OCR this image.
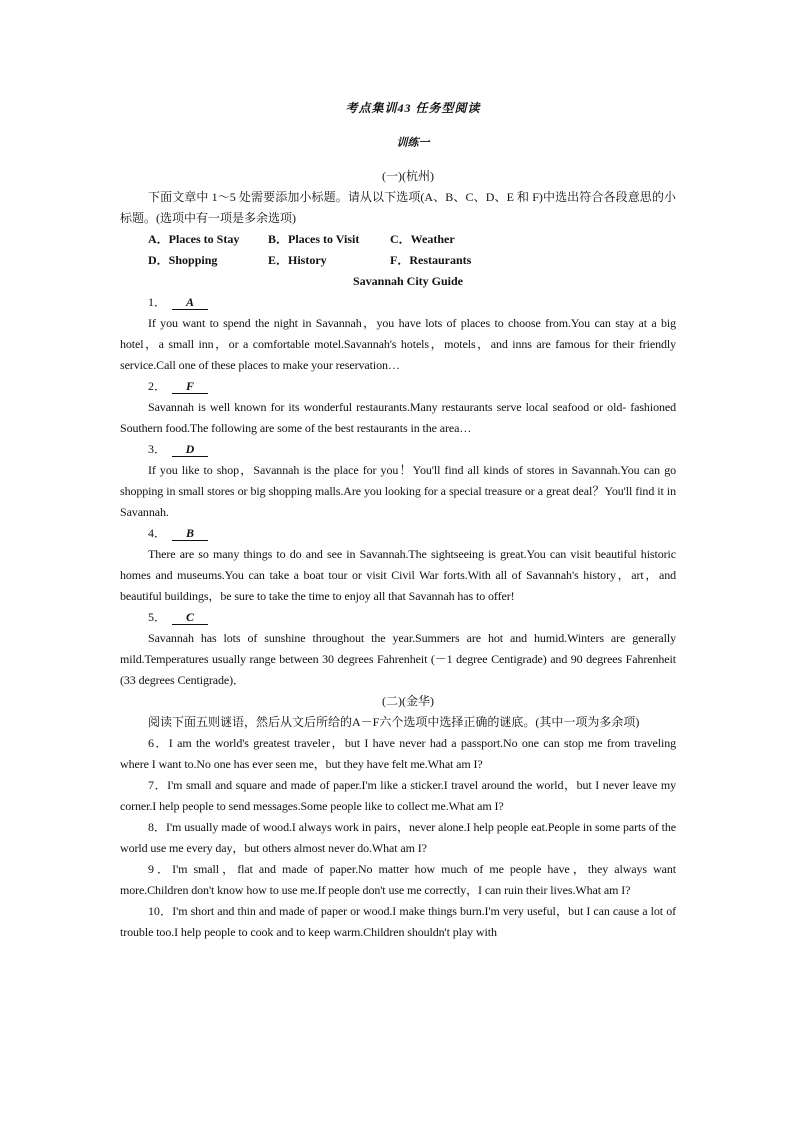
考点集训43 任务型阅读
训练一
(一)(杭州)

下面文章中 1～5 处需要添加小标题。请从以下选项(A、B、C、D、E 和 F)中选出符合各段意思的小标题。(选项中有一项是多余选项)

A．Places to Stay B．Places to Visit	C．Weather
D．Shopping	E．History	F．Restaurants
Savannah City Guide
1． A

If you want to spend the night in Savannah，you have lots of places to choose from.You can stay at a big hotel，a small inn，or a comfortable motel.Savannah's hotels，motels，and inns are famous for their friendly service.Call one of these places to make your reservation…

2． F

Savannah is well known for its wonderful restaurants.Many restaurants serve local seafood or old- fashioned Southern food.The following are some of the best restaurants in the area…

3． D

If you like to shop，Savannah is the place for you！You'll find all kinds of stores in Savannah.You can go shopping in small stores or big shopping malls.Are you looking for a special treasure or a great deal？You'll find it in Savannah.

4． B

There are so many things to do and see in Savannah.The sightseeing is great.You can visit beautiful historic homes and museums.You can take a boat tour or visit Civil War forts.With all of Savannah's history，art，and beautiful buildings，be sure to take the time to enjoy all that Savannah has to offer!

5． C

Savannah has lots of sunshine throughout the year.Summers are hot and humid.Winters are generally mild.Temperatures usually range between 30 degrees Fahrenheit (－1 degree Centigrade) and 90 degrees Fahrenheit (33 degrees Centigrade)．

(二)(金华)

阅读下面五则谜语，然后从文后所给的A－F六个选项中选择正确的谜底。(其中一项为多余项)

6．I am the world's greatest traveler，but I have never had a passport.No one can stop me from traveling where I want to.No one has ever seen me，but they have felt me.What am I?

7．I'm small and square and made of paper.I'm like a sticker.I travel around the world，but I never leave my corner.I help people to send messages.Some people like to collect me.What am I?

8．I'm usually made of wood.I always work in pairs，never alone.I help people eat.People in some parts of the world use me every day，but others almost never do.What am I?

9．I'm small，flat and made of paper.No matter how much of me people have，they always want more.Children don't know how to use me.If people don't use me correctly，I can ruin their lives.What am I?

10．I'm short and thin and made of paper or wood.I make things burn.I'm very useful，but I can cause a lot of trouble too.I help people to cook and to keep warm.Children shouldn't play with
